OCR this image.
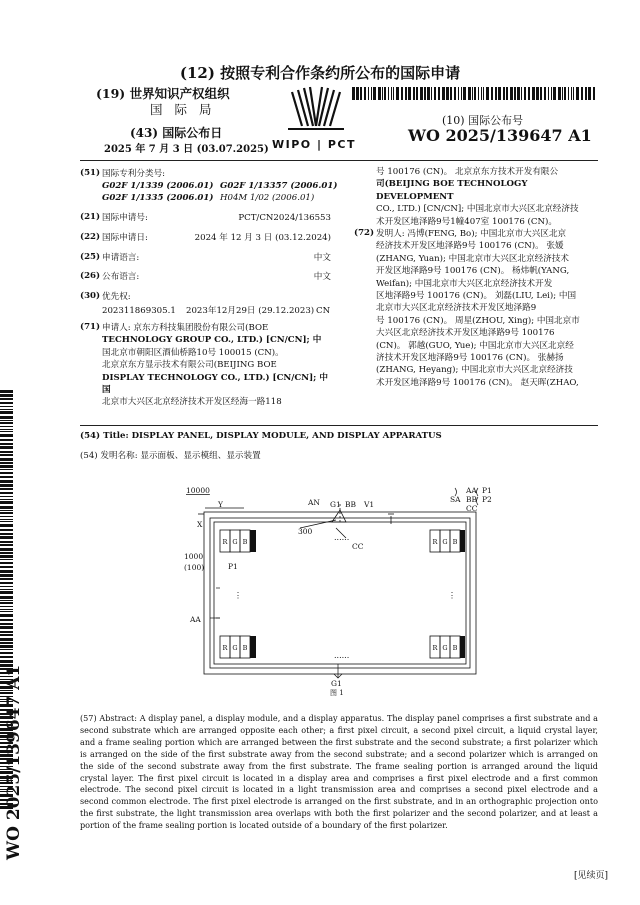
(12) 按照专利合作条约所公布的国际申请
(19) 世界知识产权组织
国 际 局
(43) 国际公布日
2025 年 7 月 3 日 (03.07.2025) WIPO | PCT
(10) 国际公布号
WO 2025/139647 A1
(51) 国际专利分类号:
G02F 1/1339 (2006.01) G02F 1/13357 (2006.01)
G02F 1/1335 (2006.01) H04M 1/02 (2006.01)
(21) 国际申请号:	PCT/CN2024/136553
(22) 国际申请日:	2024 年 12 月 3 日 (03.12.2024)
(25) 申请语言:	中文
(26) 公布语言:	中文
(30) 优先权:
202311869305.1 2023年12月29日 (29.12.2023) CN
(71) 申请人: 京东方科技集团股份有限公司(BOE
TECHNOLOGY GROUP CO., LTD.) [CN/CN]; 中
国北京市朝阳区酒仙桥路10号 100015 (CN)。
北京京东方显示技术有限公司(BEIJING BOE
DISPLAY TECHNOLOGY CO., LTD.) [CN/CN]; 中国
北京市大兴区北京经济技术开发区经海一路118
号 100176 (CN)。 北京京东方技术开发有限公
司(BEIJING BOE TECHNOLOGY DEVELOPMENT
CO., LTD.) [CN/CN]; 中国北京市大兴区北京经济技
术开发区地泽路9号1幢407室 100176 (CN)。
(72) 发明人: 冯博(FENG, Bo); 中国北京市大兴区北京
经济技术开发区地泽路9号 100176 (CN)。 张媛
(ZHANG, Yuan); 中国北京市大兴区北京经济技术
开发区地泽路9号 100176 (CN)。 杨炜帆(YANG,
Weifan); 中国北京市大兴区北京经济技术开发
区地泽路9号 100176 (CN)。 刘磊(LIU, Lei); 中国
北京市大兴区北京经济技术开发区地泽路9
号 100176 (CN)。 周星(ZHOU, Xing); 中国北京市
大兴区北京经济技术开发区地泽路9号 100176
(CN)。 郭越(GUO, Yue); 中国北京市大兴区北京经
济技术开发区地泽路9号 100176 (CN)。 张赫扬
(ZHANG, Heyang); 中国北京市大兴区北京经济技
术开发区地泽路9号 100176 (CN)。 赵天晖(ZHAO,
(54) Title: DISPLAY PANEL, DISPLAY MODULE, AND DISPLAY APPARATUS
(54) 发明名称: 显示面板、显示模组、显示装置
R G B	R G B
R G B	R G B
10000
Y
X
AN G1 BB V1
300
CC
AA P1
SA BB P2
CC
1000
(100)	P1
AA
G1
图 1
......
......
⋮	⋮
(57) Abstract: A display panel, a display module, and a display apparatus. The display panel comprises a first substrate and a second substrate which are arranged opposite each other; a first pixel circuit, a second pixel circuit, a liquid crystal layer, and a frame sealing portion which are arranged between the first substrate and the second substrate; a first polarizer which is arranged on the side of the first substrate away from the second substrate; and a second polarizer which is arranged on the side of the second substrate away from the first substrate. The frame sealing portion is arranged around the liquid crystal layer. The first pixel circuit is located in a display area and comprises a first pixel electrode and a first common electrode. The second pixel circuit is located in a light transmission area and comprises a second pixel electrode and a second common electrode. The first pixel electrode is arranged on the first substrate, and in an orthographic projection onto the first substrate, the light transmission area overlaps with both the first polarizer and the second polarizer, and at least a portion of the frame sealing portion is located outside of a boundary of the first polarizer.
WO 2025/139647 A1
[见续页]
